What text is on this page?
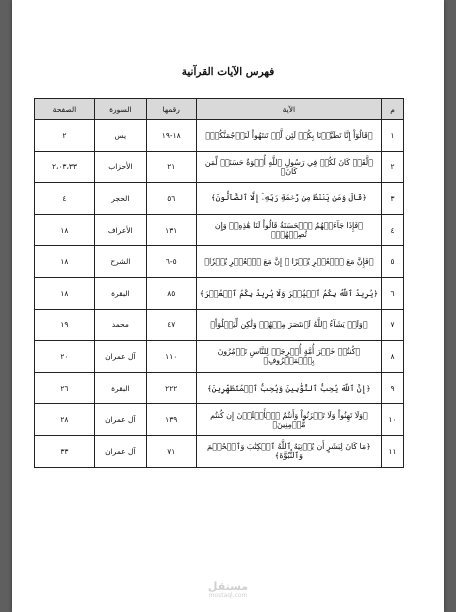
فهرس الآيات القرآنية
م	الآية	رقمها	السورة	الصفحة
١	﴿قَالُوٓاْ إِنَّا تَطَيَّرۡنَا بِكُمۡ لَئِن لَّمۡ تَنتَهُواْ لَنَرۡجُمَنَّكُمۡ﴾	١٨-١٩	يس	٢
٢	﴿لَّقَدۡ كَانَ لَكُمۡ فِي رَسُولِ ٱللَّهِ أُسۡوَةٌ حَسَنَةٞ لِّمَن كَانَ﴾	٢١	الأحزاب	٢،٠٣،٣٣
٣	﴿قَالَ وَمَن يَقۡنَطُ مِن رَّحۡمَةِ رَبِّهِۦٓ إِلَّا ٱلضَّآلُّونَ﴾	٥٦	الحجر	٤
٤	﴿فَإِذَا جَآءَتۡهُمُ ٱلۡحَسَنَةُ قَالُواْ لَنَا هَٰذِهِۦۖ وَإِن تُصِبۡهُمۡ﴾	١٣١	الأعراف	١٨
٥	﴿فَإِنَّ مَعَ ٱلۡعُسۡرِ يُسۡرًا ۞ إِنَّ مَعَ ٱلۡعُسۡرِ يُسۡرٗا﴾	٥-٦	الشرح	١٨
٦	﴿يُرِيدُ ٱللَّهُ بِكُمُ ٱلۡيُسۡرَ وَلَا يُرِيدُ بِكُمُ ٱلۡعُسۡرَ﴾	٨٥	البقرة	١٨
٧	﴿وَلَوۡ يَشَآءُ ٱللَّهُ لَٱنتَصَرَ مِنۡهُمۡ وَلَٰكِن لِّيَبۡلُوَاْ﴾	٤٧	محمد	١٩
٨	﴿كُنتُمۡ خَيۡرَ أُمَّةٍ أُخۡرِجَتۡ لِلنَّاسِ تَأۡمُرُونَ بِٱلۡمَعۡرُوفِ﴾	١١٠	آل عمران	٢٠
٩	﴿إِنَّ ٱللَّهَ يُحِبُّ ٱلتَّوَّٰبِينَ وَيُحِبُّ ٱلۡمُتَطَهِّرِينَ﴾	٢٢٢	البقرة	٢٦
١٠	﴿وَلَا تَهِنُواْ وَلَا تَحۡزَنُواْ وَأَنتُمُ ٱلۡأَعۡلَوۡنَ إِن كُنتُم مُّؤۡمِنِينَ﴾	١٣٩	آل عمران	٢٨
١١	﴿مَا كَانَ لِبَشَرٍ أَن يُؤۡتِيَهُ ٱللَّهُ ٱلۡكِتَٰبَ وَٱلۡحُكۡمَ وَٱلنُّبُوَّةَ﴾	٧١	آل عمران	٣٣
مستقل
mostaql.com
